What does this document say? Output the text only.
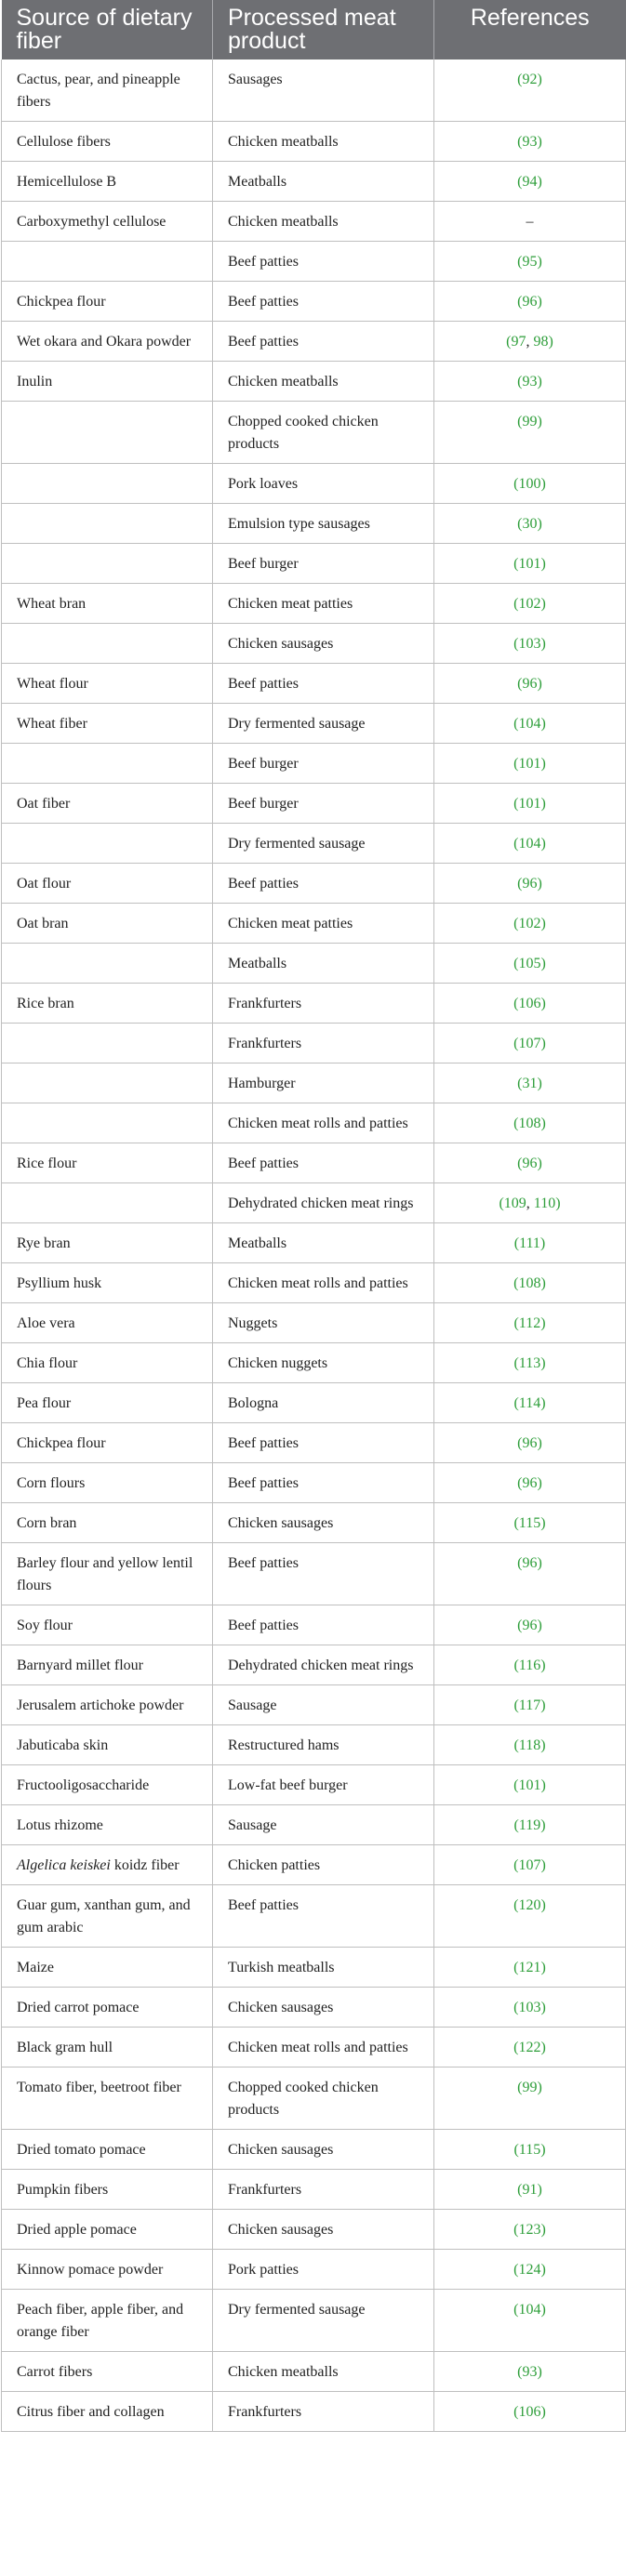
Source of dietary fiber	Processed meat product	References
Cactus, pear, and pineapple fibers	Sausages	(92)
Cellulose fibers	Chicken meatballs	(93)
Hemicellulose B	Meatballs	(94)
Carboxymethyl cellulose	Chicken meatballs	–
	Beef patties	(95)
Chickpea flour	Beef patties	(96)
Wet okara and Okara powder	Beef patties	(97, 98)
Inulin	Chicken meatballs	(93)
	Chopped cooked chicken products	(99)
	Pork loaves	(100)
	Emulsion type sausages	(30)
	Beef burger	(101)
Wheat bran	Chicken meat patties	(102)
	Chicken sausages	(103)
Wheat flour	Beef patties	(96)
Wheat fiber	Dry fermented sausage	(104)
	Beef burger	(101)
Oat fiber	Beef burger	(101)
	Dry fermented sausage	(104)
Oat flour	Beef patties	(96)
Oat bran	Chicken meat patties	(102)
	Meatballs	(105)
Rice bran	Frankfurters	(106)
	Frankfurters	(107)
	Hamburger	(31)
	Chicken meat rolls and patties	(108)
Rice flour	Beef patties	(96)
	Dehydrated chicken meat rings	(109, 110)
Rye bran	Meatballs	(111)
Psyllium husk	Chicken meat rolls and patties	(108)
Aloe vera	Nuggets	(112)
Chia flour	Chicken nuggets	(113)
Pea flour	Bologna	(114)
Chickpea flour	Beef patties	(96)
Corn flours	Beef patties	(96)
Corn bran	Chicken sausages	(115)
Barley flour and yellow lentil flours	Beef patties	(96)
Soy flour	Beef patties	(96)
Barnyard millet flour	Dehydrated chicken meat rings	(116)
Jerusalem artichoke powder	Sausage	(117)
Jabuticaba skin	Restructured hams	(118)
Fructooligosaccharide	Low-fat beef burger	(101)
Lotus rhizome	Sausage	(119)
Algelica keiskei koidz fiber	Chicken patties	(107)
Guar gum, xanthan gum, and gum arabic	Beef patties	(120)
Maize	Turkish meatballs	(121)
Dried carrot pomace	Chicken sausages	(103)
Black gram hull	Chicken meat rolls and patties	(122)
Tomato fiber, beetroot fiber	Chopped cooked chicken products	(99)
Dried tomato pomace	Chicken sausages	(115)
Pumpkin fibers	Frankfurters	(91)
Dried apple pomace	Chicken sausages	(123)
Kinnow pomace powder	Pork patties	(124)
Peach fiber, apple fiber, and orange fiber	Dry fermented sausage	(104)
Carrot fibers	Chicken meatballs	(93)
Citrus fiber and collagen	Frankfurters	(106)
